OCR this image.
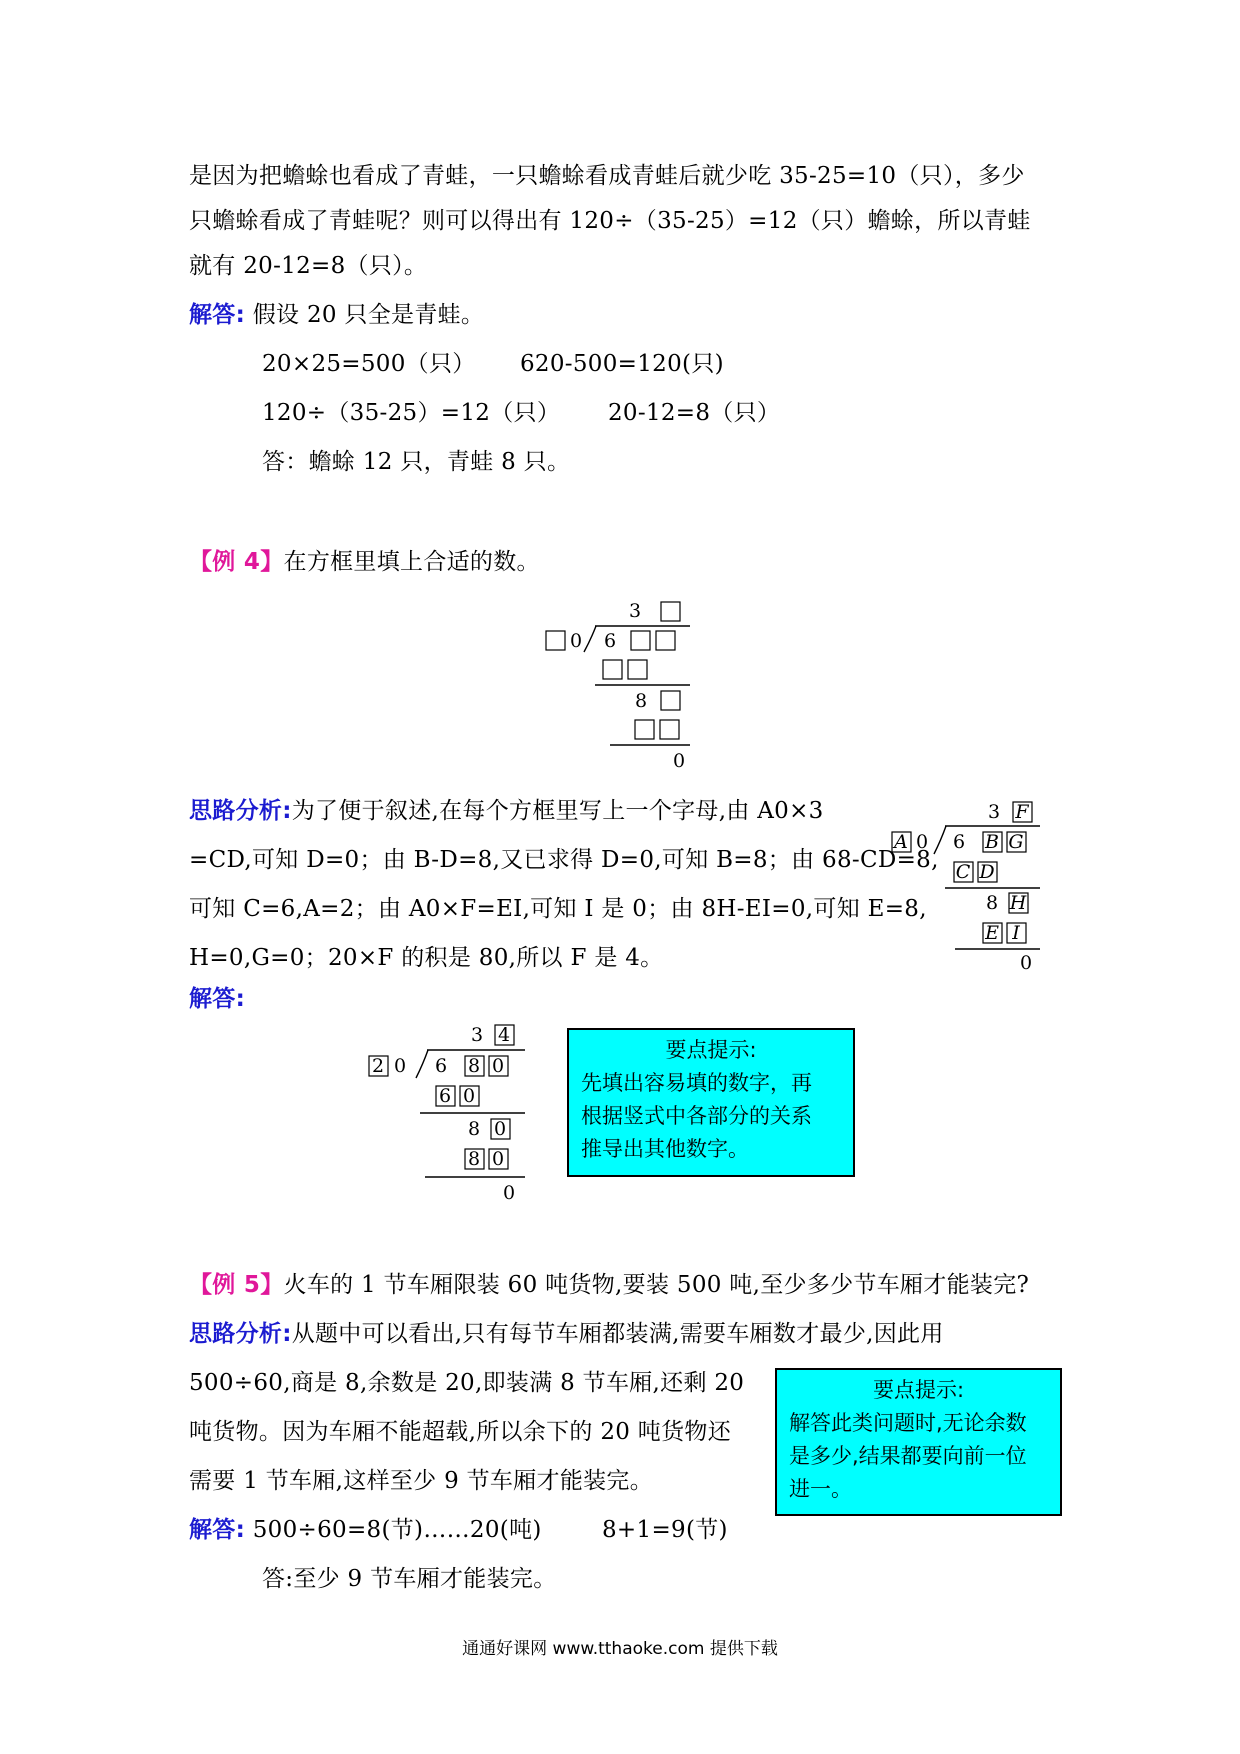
是因为把蟾蜍也看成了青蛙，一只蟾蜍看成青蛙后就少吃 35-25=10（只），多少
只蟾蜍看成了青蛙呢？则可以得出有 120÷（35-25）=12（只）蟾蜍，所以青蛙
就有 20-12=8（只）。
解答: 假设 20 只全是青蛙。
20×25=500（只） 620-500=120(只)
120÷（35-25）=12（只） 20-12=8（只）
答：蟾蜍 12 只，青蛙 8 只。
【例 4】在方框里填上合适的数。
3
0 6
8
0
思路分析:为了便于叙述,在每个方框里写上一个字母,由 A0×3
=CD,可知 D=0；由 B-D=8,又已求得 D=0,可知 B=8；由 68-CD=8,
可知 C=6,A=2；由 A0×F=EI,可知 I 是 0；由 8H-EI=0,可知 E=8,
H=0,G=0；20×F 的积是 80,所以 F 是 4。
3 F
A 0 6 B G
C D
8 H
E I
0
解答:
3 4
2 0 6 8 0
6 0
8 0
8 0
0
要点提示:
先填出容易填的数字，再
根据竖式中各部分的关系
推导出其他数字。
【例 5】火车的 1 节车厢限装 60 吨货物,要装 500 吨,至少多少节车厢才能装完?
思路分析:从题中可以看出,只有每节车厢都装满,需要车厢数才最少,因此用
500÷60,商是 8,余数是 20,即装满 8 节车厢,还剩 20
吨货物。因为车厢不能超载,所以余下的 20 吨货物还
需要 1 节车厢,这样至少 9 节车厢才能装完。
要点提示:
解答此类问题时,无论余数
是多少,结果都要向前一位
进一。
解答: 500÷60=8(节)……20(吨)	8+1=9(节)
答:至少 9 节车厢才能装完。
通通好课网 www.tthaoke.com 提供下载
